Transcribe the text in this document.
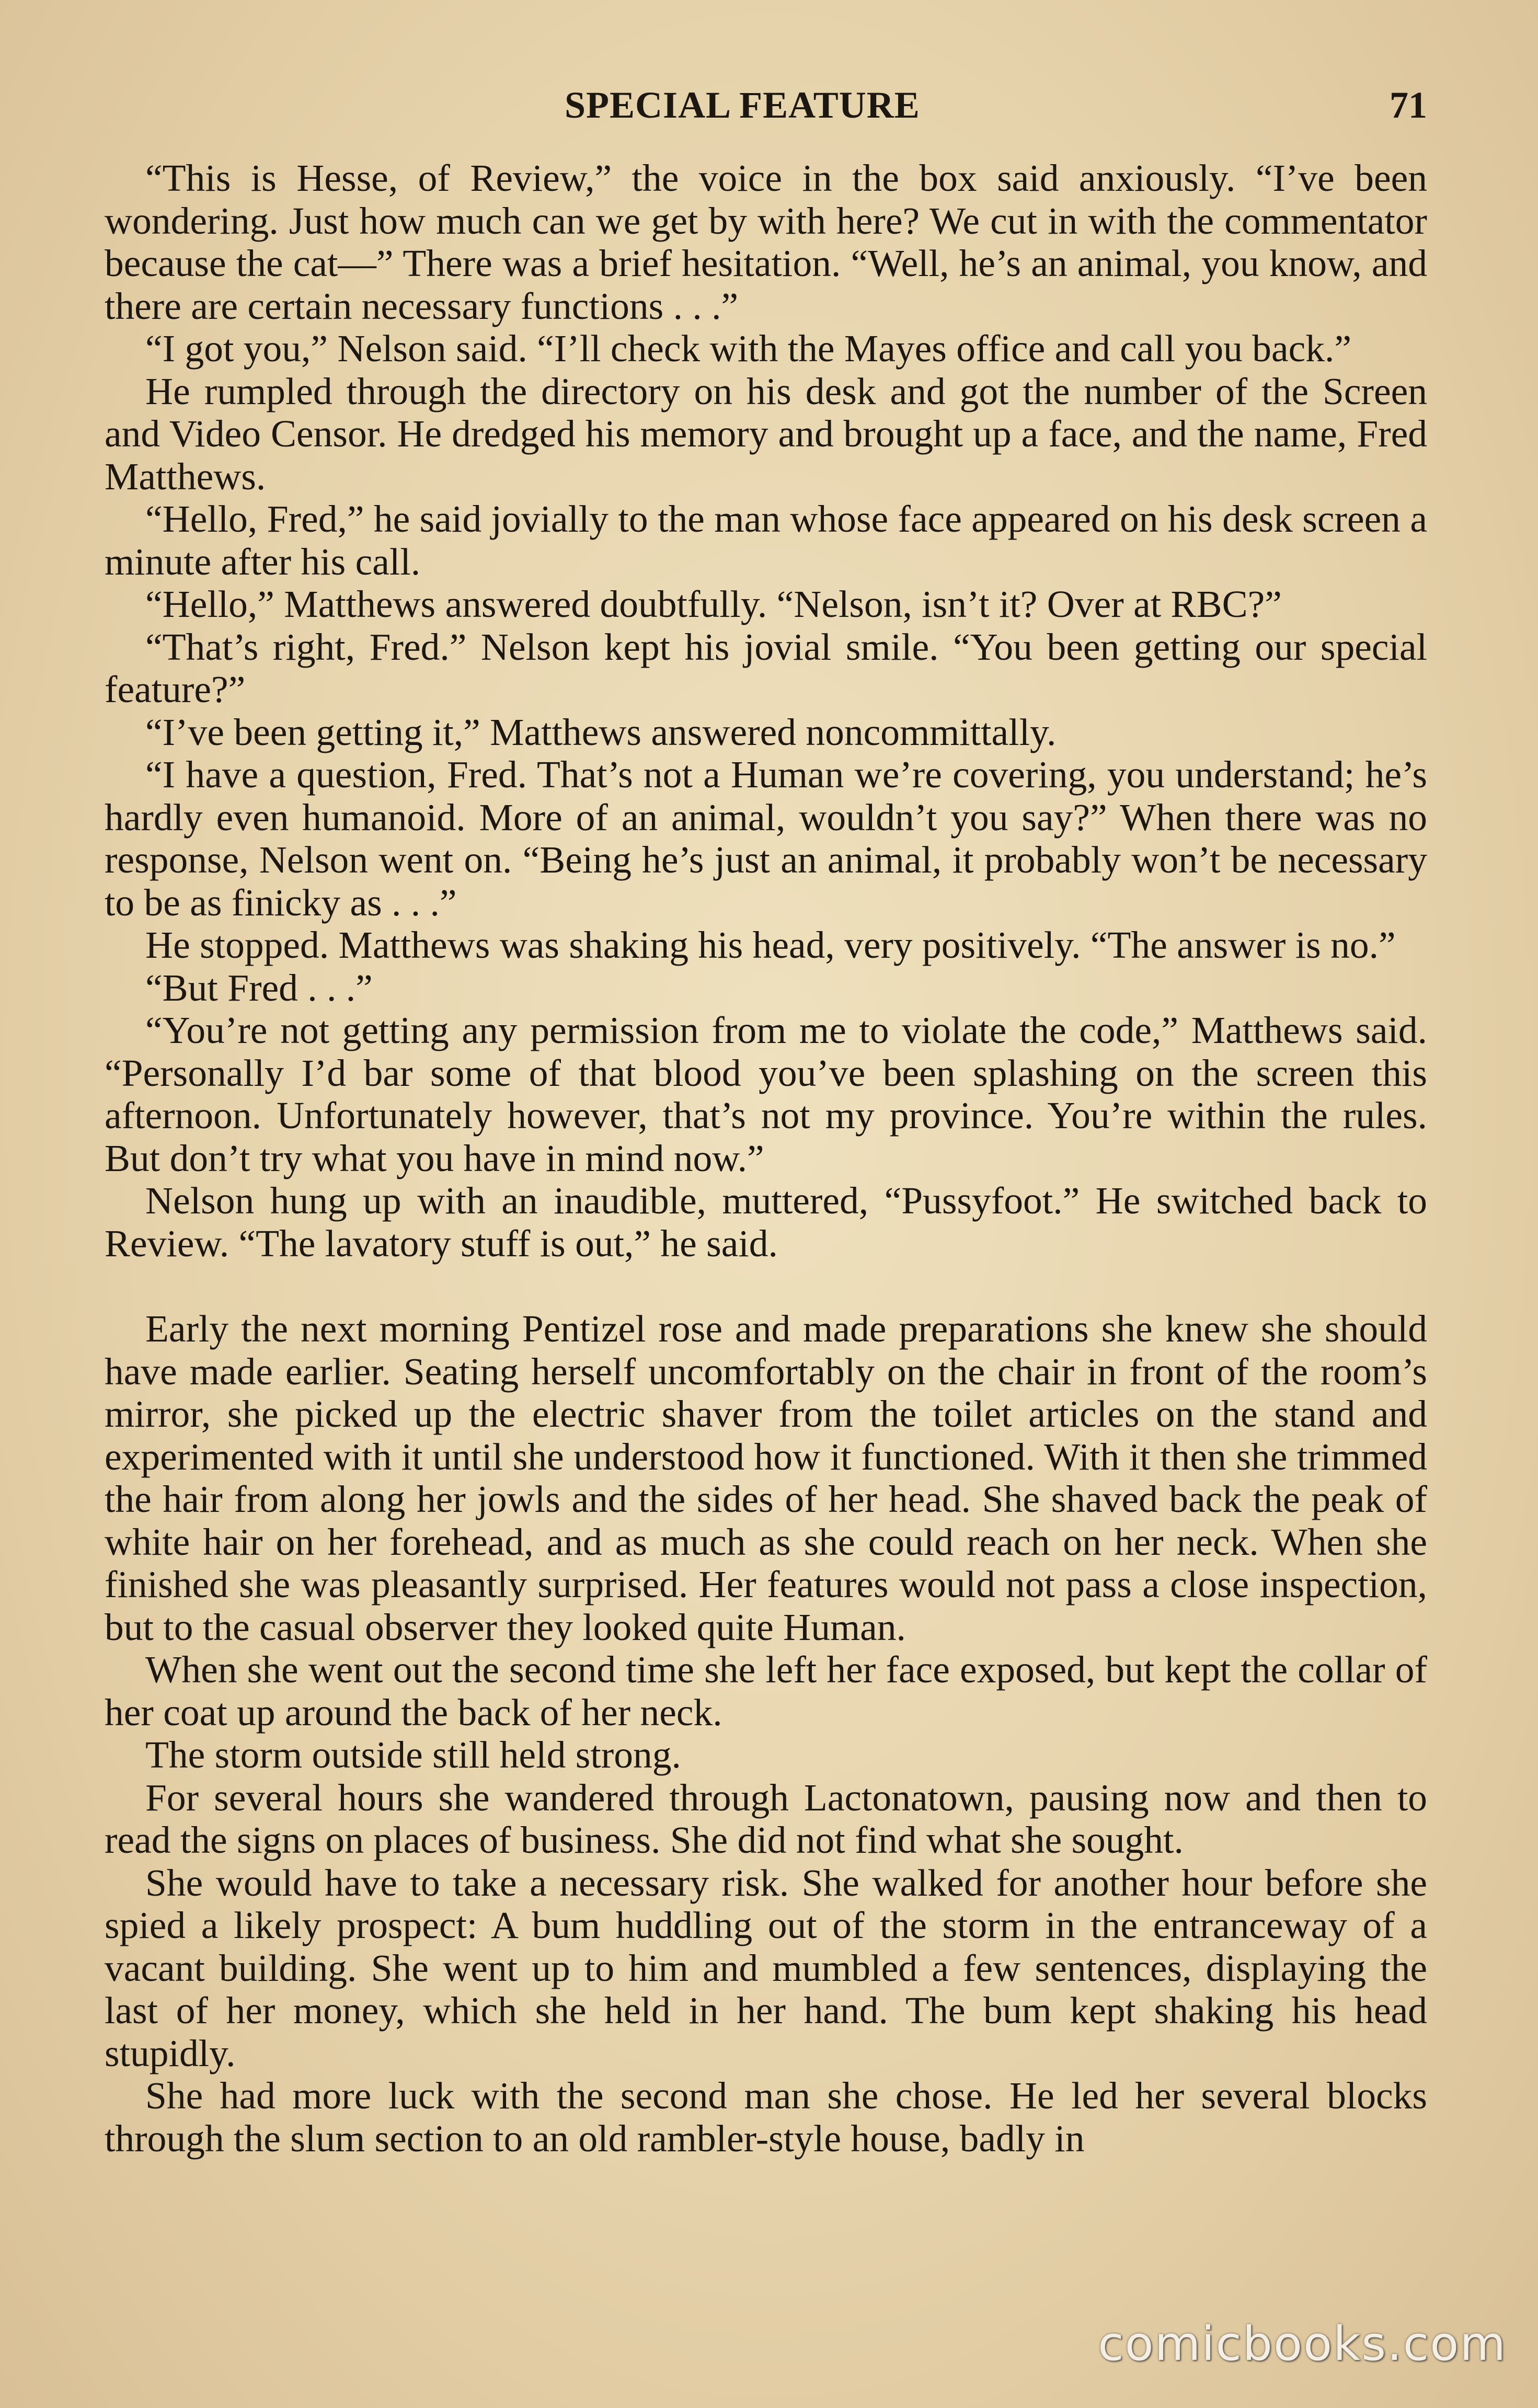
SPECIAL FEATURE	71

“This is Hesse, of Review,” the voice in the box said anxiously. “I’ve been wondering. Just how much can we get by with here? We cut in with the commentator because the cat—” There was a brief hesitation. “Well, he’s an animal, you know, and there are certain necessary functions . . .”

“I got you,” Nelson said. “I’ll check with the Mayes office and call you back.”

He rumpled through the directory on his desk and got the number of the Screen and Video Censor. He dredged his memory and brought up a face, and the name, Fred Matthews.

“Hello, Fred,” he said jovially to the man whose face appeared on his desk screen a minute after his call.

“Hello,” Matthews answered doubtfully. “Nelson, isn’t it? Over at RBC?”

“That’s right, Fred.” Nelson kept his jovial smile. “You been getting our special feature?”

“I’ve been getting it,” Matthews answered noncommittally.

“I have a question, Fred. That’s not a Human we’re covering, you understand; he’s hardly even humanoid. More of an animal, wouldn’t you say?” When there was no response, Nelson went on. “Being he’s just an animal, it probably won’t be necessary to be as finicky as . . .”

He stopped. Matthews was shaking his head, very positively. “The answer is no.”

“But Fred . . .”

“You’re not getting any permission from me to violate the code,” Matthews said. “Personally I’d bar some of that blood you’ve been splashing on the screen this afternoon. Unfortunately however, that’s not my province. You’re within the rules. But don’t try what you have in mind now.”

Nelson hung up with an inaudible, muttered, “Pussyfoot.” He switched back to Review. “The lavatory stuff is out,” he said.

Early the next morning Pentizel rose and made preparations she knew she should have made earlier. Seating herself uncomfortably on the chair in front of the room’s mirror, she picked up the electric shaver from the toilet articles on the stand and experimented with it until she understood how it functioned. With it then she trimmed the hair from along her jowls and the sides of her head. She shaved back the peak of white hair on her forehead, and as much as she could reach on her neck. When she finished she was pleasantly surprised. Her features would not pass a close inspection, but to the casual observer they looked quite Human.

When she went out the second time she left her face exposed, but kept the collar of her coat up around the back of her neck.

The storm outside still held strong.

For several hours she wandered through Lactonatown, pausing now and then to read the signs on places of business. She did not find what she sought.

She would have to take a necessary risk. She walked for another hour before she spied a likely prospect: A bum huddling out of the storm in the entranceway of a vacant building. She went up to him and mumbled a few sentences, displaying the last of her money, which she held in her hand. The bum kept shaking his head stupidly.

She had more luck with the second man she chose. He led her several blocks through the slum section to an old rambler-style house, badly in

comicbooks.com
